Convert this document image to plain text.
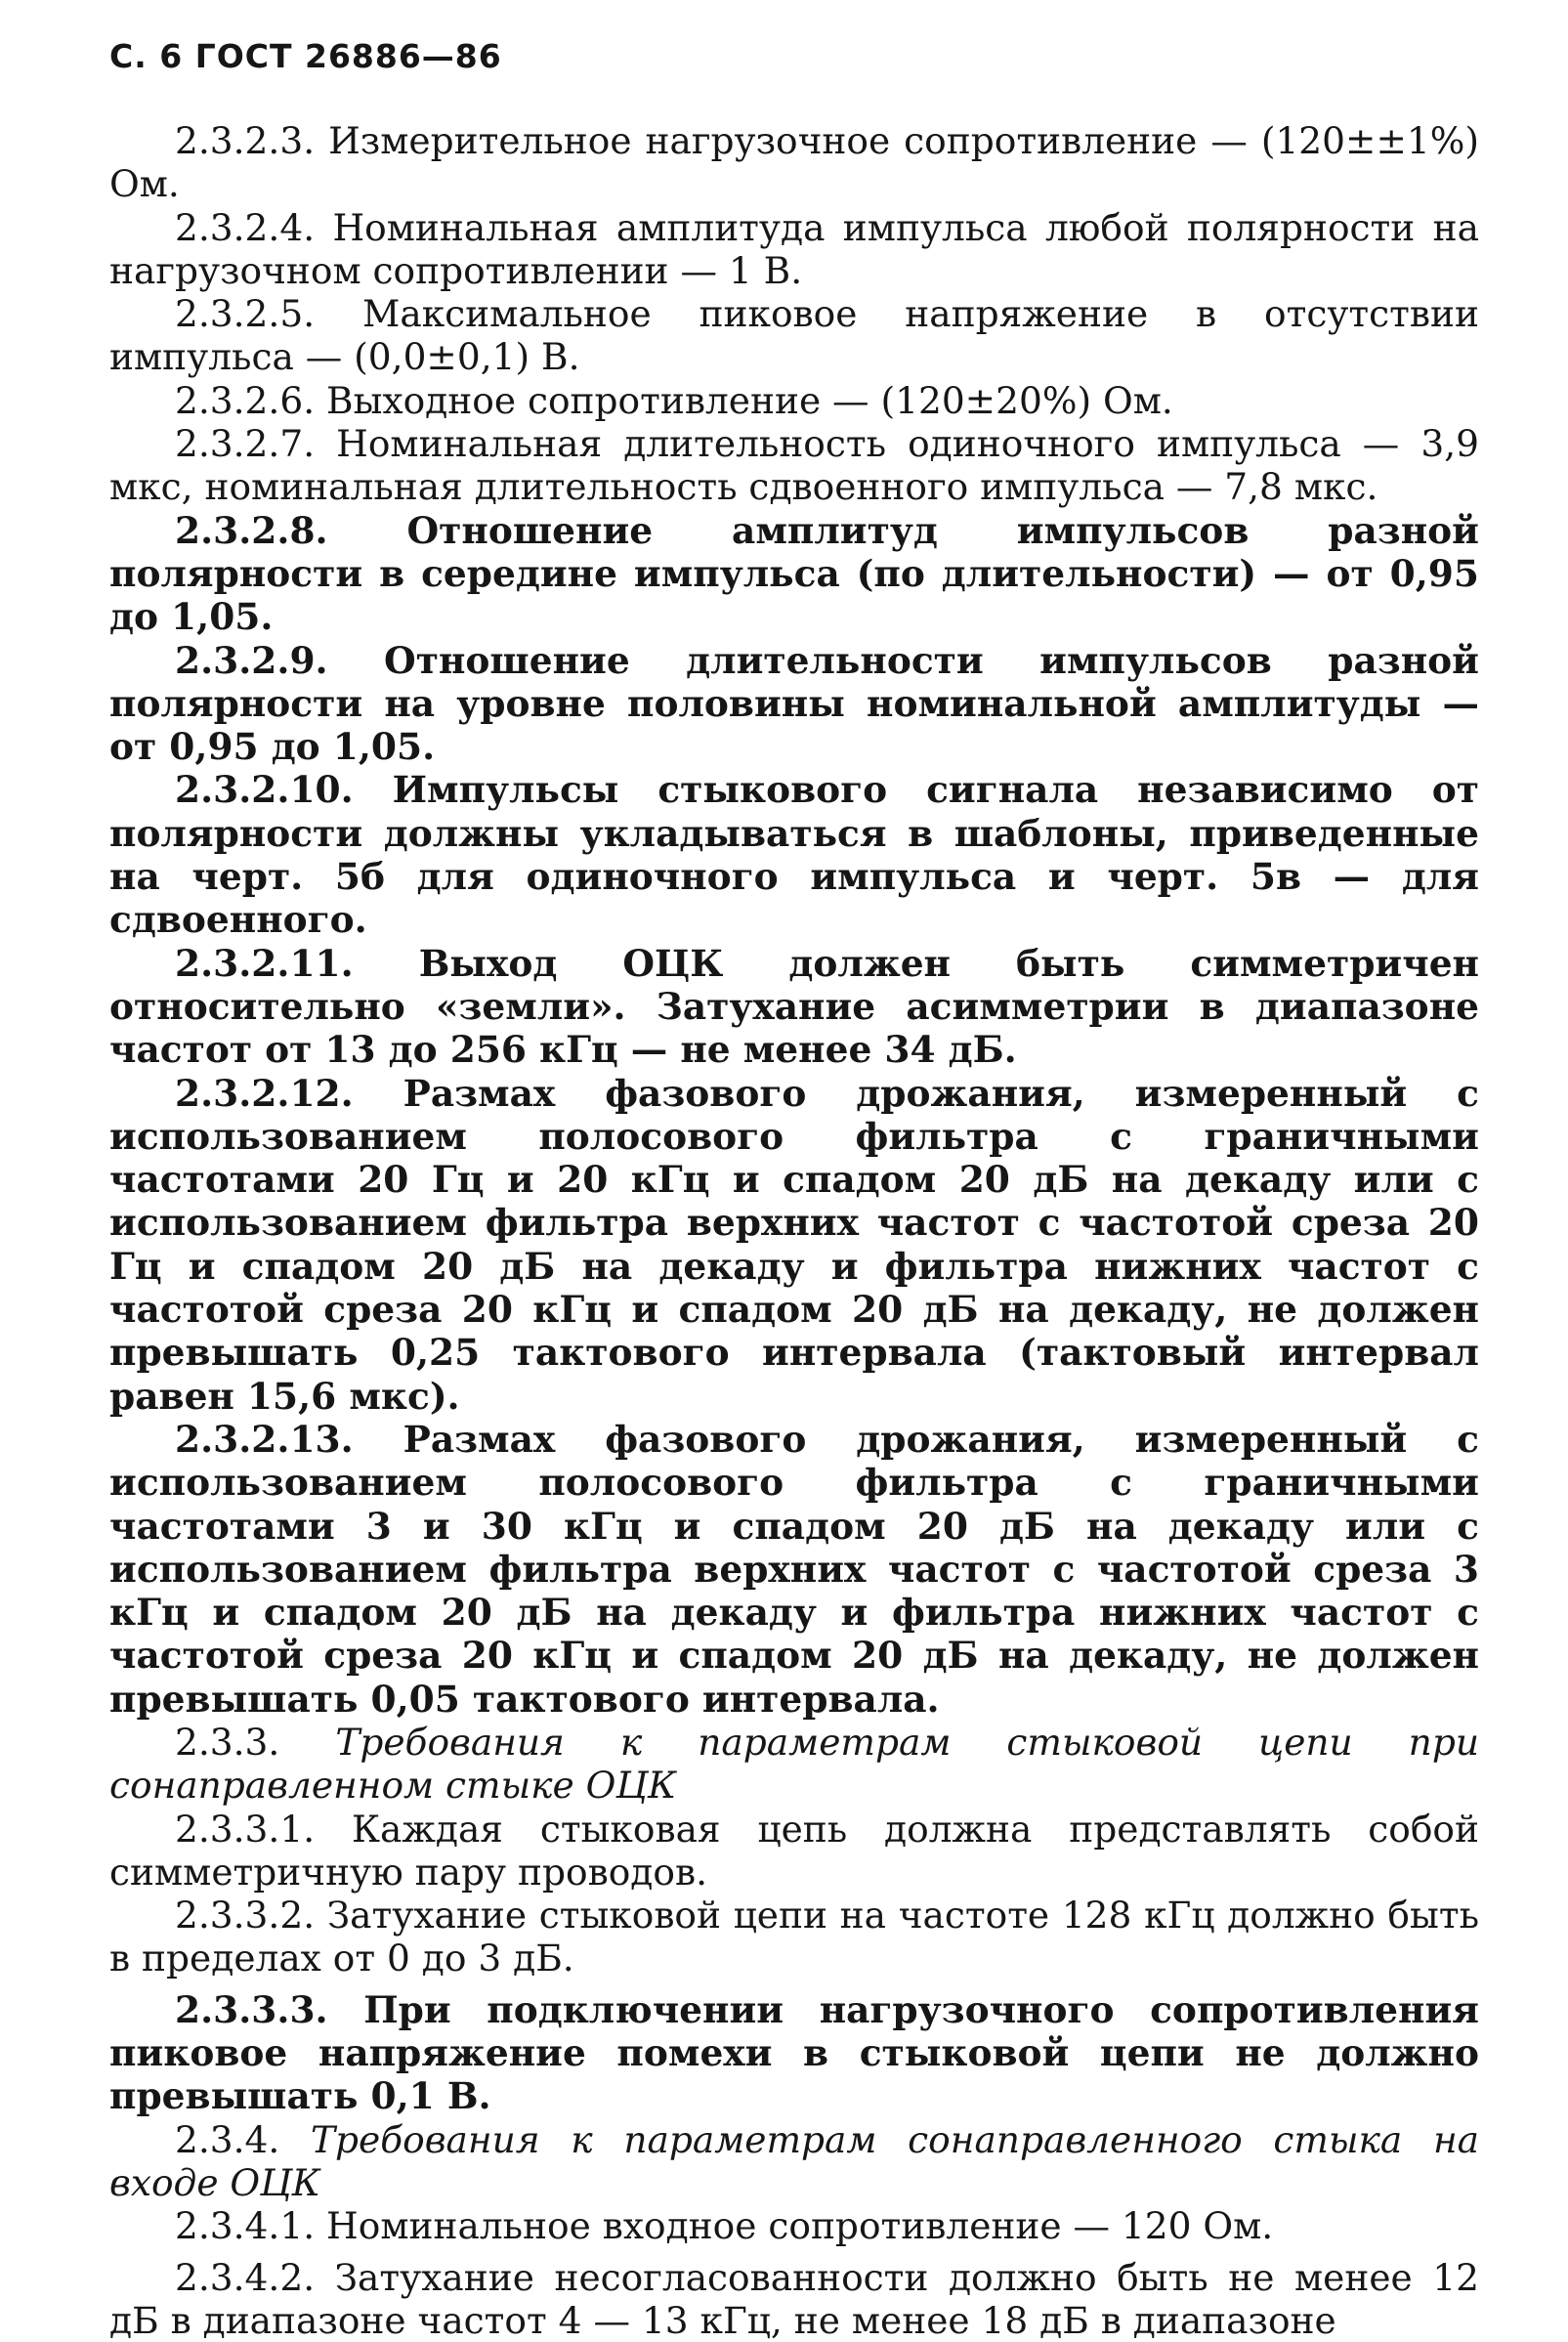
С. 6 ГОСТ 26886—86

2.3.2.3. Измерительное нагрузочное сопротивление — (120±±1%) Ом.

2.3.2.4. Номинальная амплитуда импульса любой полярности на нагрузочном сопротивлении — 1 В.

2.3.2.5. Максимальное пиковое напряжение в отсутствии импульса — (0,0±0,1) В.

2.3.2.6. Выходное сопротивление — (120±20%) Ом.

2.3.2.7. Номинальная длительность одиночного импульса — 3,9 мкс, номинальная длительность сдвоенного импульса — 7,8 мкс.

2.3.2.8. Отношение амплитуд импульсов разной полярности в середине импульса (по длительности) — от 0,95 до 1,05.

2.3.2.9. Отношение длительности импульсов разной полярности на уровне половины номинальной амплитуды — от 0,95 до 1,05.

2.3.2.10. Импульсы стыкового сигнала независимо от полярности должны укладываться в шаблоны, приведенные на черт. 5б для одиночного импульса и черт. 5в — для сдвоенного.

2.3.2.11. Выход ОЦК должен быть симметричен относительно «земли». Затухание асимметрии в диапазоне частот от 13 до 256 кГц — не менее 34 дБ.

2.3.2.12. Размах фазового дрожания, измеренный с использованием полосового фильтра с граничными частотами 20 Гц и 20 кГц и спадом 20 дБ на декаду или с использованием фильтра верхних частот с частотой среза 20 Гц и спадом 20 дБ на декаду и фильтра нижних частот с частотой среза 20 кГц и спадом 20 дБ на декаду, не должен превышать 0,25 тактового интервала (тактовый интервал равен 15,6 мкс).

2.3.2.13. Размах фазового дрожания, измеренный с использованием полосового фильтра с граничными частотами 3 и 30 кГц и спадом 20 дБ на декаду или с использованием фильтра верхних частот с частотой среза 3 кГц и спадом 20 дБ на декаду и фильтра нижних частот с частотой среза 20 кГц и спадом 20 дБ на декаду, не должен превышать 0,05 тактового интервала.

2.3.3. Требования к параметрам стыковой цепи при сонаправленном стыке ОЦК

2.3.3.1. Каждая стыковая цепь должна представлять собой симметричную пару проводов.

2.3.3.2. Затухание стыковой цепи на частоте 128 кГц должно быть в пределах от 0 до 3 дБ.

2.3.3.3. При подключении нагрузочного сопротивления пиковое напряжение помехи в стыковой цепи не должно превышать 0,1 В.

2.3.4. Требования к параметрам сонаправленного стыка на входе ОЦК

2.3.4.1. Номинальное входное сопротивление — 120 Ом.

2.3.4.2. Затухание несогласованности должно быть не менее 12 дБ в диапазоне частот 4 — 13 кГц, не менее 18 дБ в диапазоне
